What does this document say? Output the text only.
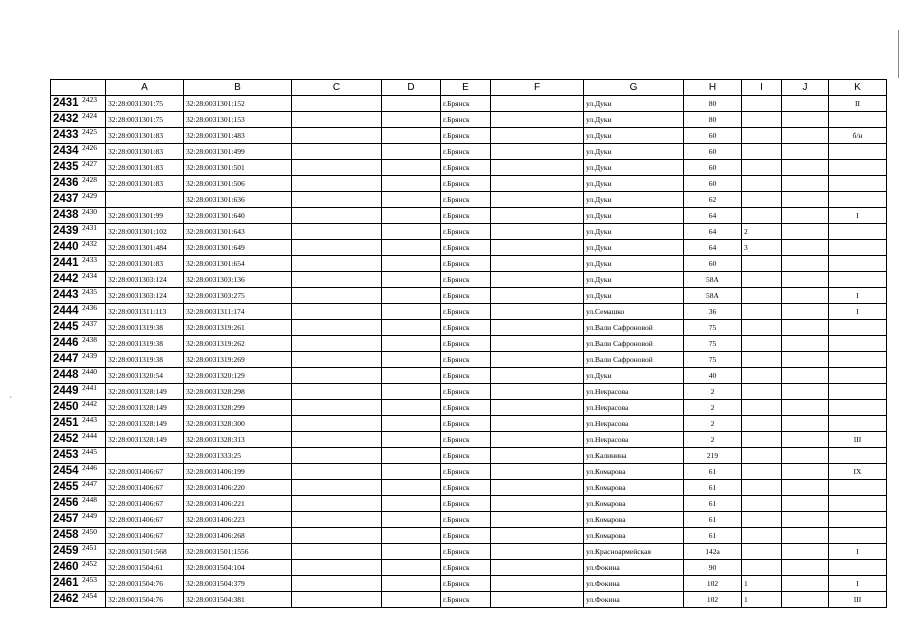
,
	A	B	C	D	E	F	G	H	I	J	K
2431 2423	32:28:0031301:75	32:28:0031301:152			г.Брянск		ул.Дуки	80			II
2432 2424	32:28:0031301:75	32:28:0031301:153			г.Брянск		ул.Дуки	80			
2433 2425	32:28:0031301:83	32:28:0031301:483			г.Брянск		ул.Дуки	60			б/н
2434 2426	32:28:0031301:83	32:28:0031301:499			г.Брянск		ул.Дуки	60			
2435 2427	32:28:0031301:83	32:28:0031301:501			г.Брянск		ул.Дуки	60			
2436 2428	32:28:0031301:83	32:28:0031301:506			г.Брянск		ул.Дуки	60			
2437 2429		32:28:0031301:636			г.Брянск		ул.Дуки	62			
2438 2430	32:28:0031301:99	32:28:0031301:640			г.Брянск		ул.Дуки	64			I
2439 2431	32:28:0031301:102	32:28:0031301:643			г.Брянск		ул.Дуки	64	2		
2440 2432	32:28:0031301:484	32:28:0031301:649			г.Брянск		ул.Дуки	64	3		
2441 2433	32:28:0031301:83	32:28:0031301:654			г.Брянск		ул.Дуки	60			
2442 2434	32:28:0031303:124	32:28:0031303:136			г.Брянск		ул.Дуки	58А			
2443 2435	32:28:0031303:124	32:28:0031303:275			г.Брянск		ул.Дуки	58А			I
2444 2436	32:28:0031311:113	32:28:0031311:174			г.Брянск		ул.Семашко	36			I
2445 2437	32:28:0031319:38	32:28:0031319:261			г.Брянск		ул.Вали Сафроновой	75			
2446 2438	32:28:0031319:38	32:28:0031319:262			г.Брянск		ул.Вали Сафроновой	75			
2447 2439	32:28:0031319:38	32:28:0031319:269			г.Брянск		ул.Вали Сафроновой	75			
2448 2440	32:28:0031320:54	32:28:0031320:129			г.Брянск		ул.Дуки	40			
2449 2441	32:28:0031328:149	32:28:0031328:298			г.Брянск		ул.Некрасова	2			
2450 2442	32:28:0031328:149	32:28:0031328:299			г.Брянск		ул.Некрасова	2			
2451 2443	32:28:0031328:149	32:28:0031328:300			г.Брянск		ул.Некрасова	2			
2452 2444	32:28:0031328:149	32:28:0031328:313			г.Брянск		ул.Некрасова	2			III
2453 2445		32:28:0031333:25			г.Брянск		ул.Калинина	219			
2454 2446	32:28:0031406:67	32:28:0031406:199			г.Брянск		ул.Комарова	61			IX
2455 2447	32:28:0031406:67	32:28:0031406:220			г.Брянск		ул.Комарова	61			
2456 2448	32:28:0031406:67	32:28:0031406:221			г.Брянск		ул.Комарова	61			
2457 2449	32:28:0031406:67	32:28:0031406:223			г.Брянск		ул.Комарова	61			
2458 2450	32:28:0031406:67	32:28:0031406:268			г.Брянск		ул.Комарова	61			
2459 2451	32:28:0031501:568	32:28:0031501:1556			г.Брянск		ул.Красноармейская	142а			I
2460 2452	32:28:0031504:61	32:28:0031504:104			г.Брянск		ул.Фокина	90			
2461 2453	32:28:0031504:76	32:28:0031504:379			г.Брянск		ул.Фокина	102	1		I
2462 2454	32:28:0031504:76	32:28:0031504:381			г.Брянск		ул.Фокина	102	1		III
